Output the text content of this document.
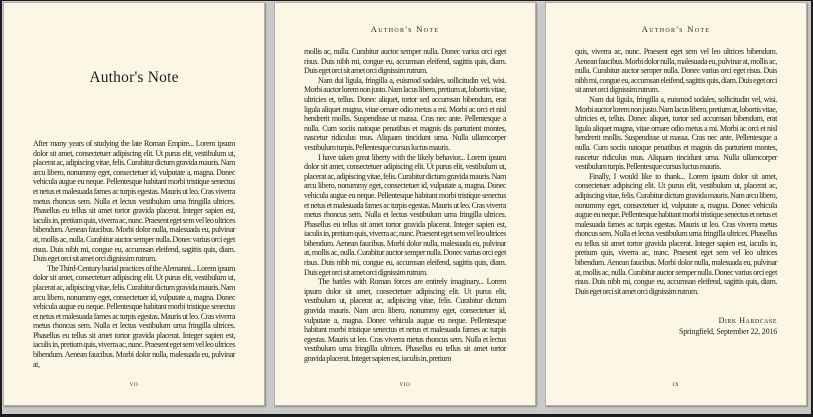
Author's Note

After many years of studying the late Roman Empire... Lorem ipsum dolor sit amet, consectetuer adipiscing elit. Ut purus elit, vestibulum ut, placerat ac, adipiscing vitae, felis. Curabitur dictum gravida mauris. Nam arcu libero, nonummy eget, consectetuer id, vulputate a, magna. Donec vehicula augue eu neque. Pellentesque habitant morbi tristique senectus et netus et malesuada fames ac turpis egestas. Mauris ut leo. Cras viverra metus rhoncus sem. Nulla et lectus vestibulum urna fringilla ultrices. Phasellus eu tellus sit amet tortor gravida placerat. Integer sapien est, iaculis in, pretium quis, viverra ac, nunc. Praesent eget sem vel leo ultrices bibendum. Aenean faucibus. Morbi dolor nulla, malesuada eu, pulvinar at, mollis ac, nulla. Curabitur auctor semper nulla. Donec varius orci eget risus. Duis nibh mi, congue eu, accumsan eleifend, sagittis quis, diam. Duis eget orci sit amet orci dignissim rutrum.

The Third-Century burial practices of the Alemanni... Lorem ipsum dolor sit amet, consectetuer adipiscing elit. Ut purus elit, vestibulum ut, placerat ac, adipiscing vitae, felis. Curabitur dictum gravida mauris. Nam arcu libero, nonummy eget, consectetuer id, vulputate a, magna. Donec vehicula augue eu neque. Pellentesque habitant morbi tristique senectus et netus et malesuada fames ac turpis egestas. Mauris ut leo. Cras viverra metus rhoncus sem. Nulla et lectus vestibulum urna fringilla ultrices. Phasellus eu tellus sit amet tortor gravida placerat. Integer sapien est, iaculis in, pretium quis, viverra ac, nunc. Praesent eget sem vel leo ultrices bibendum. Aenean faucibus. Morbi dolor nulla, malesuada eu, pulvinar at,

vii
Author's Note

mollis ac, nulla. Curabitur auctor semper nulla. Donec varius orci eget risus. Duis nibh mi, congue eu, accumsan eleifend, sagittis quis, diam. Duis eget orci sit amet orci dignissim rutrum.

Nam dui ligula, fringilla a, euismod sodales, sollicitudin vel, wisi. Morbi auctor lorem non justo. Nam lacus libero, pretium at, lobortis vitae, ultricies et, tellus. Donec aliquet, tortor sed accumsan bibendum, erat ligula aliquet magna, vitae ornare odio metus a mi. Morbi ac orci et nisl hendrerit mollis. Suspendisse ut massa. Cras nec ante. Pellentesque a nulla. Cum sociis natoque penatibus et magnis dis parturient montes, nascetur ridiculus mus. Aliquam tincidunt urna. Nulla ullamcorper vestibulum turpis. Pellentesque cursus luctus mauris.

I have taken great liberty with the likely behavior... Lorem ipsum dolor sit amet, consectetuer adipiscing elit. Ut purus elit, vestibulum ut, placerat ac, adipiscing vitae, felis. Curabitur dictum gravida mauris. Nam arcu libero, nonummy eget, consectetuer id, vulputate a, magna. Donec vehicula augue eu neque. Pellentesque habitant morbi tristique senectus et netus et malesuada fames ac turpis egestas. Mauris ut leo. Cras viverra metus rhoncus sem. Nulla et lectus vestibulum urna fringilla ultrices. Phasellus eu tellus sit amet tortor gravida placerat. Integer sapien est, iaculis in, pretium quis, viverra ac, nunc. Praesent eget sem vel leo ultrices bibendum. Aenean faucibus. Morbi dolor nulla, malesuada eu, pulvinar at, mollis ac, nulla. Curabitur auctor semper nulla. Donec varius orci eget risus. Duis nibh mi, congue eu, accumsan eleifend, sagittis quis, diam. Duis eget orci sit amet orci dignissim rutrum.

The battles with Roman forces are entirely imaginary... Lorem ipsum dolor sit amet, consectetuer adipiscing elit. Ut purus elit, vestibulum ut, placerat ac, adipiscing vitae, felis. Curabitur dictum gravida mauris. Nam arcu libero, nonummy eget, consectetuer id, vulputate a, magna. Donec vehicula augue eu neque. Pellentesque habitant morbi tristique senectus et netus et malesuada fames ac turpis egestas. Mauris ut leo. Cras viverra metus rhoncus sem. Nulla et lectus vestibulum urna fringilla ultrices. Phasellus eu tellus sit amet tortor gravida placerat. Integer sapien est, iaculis in, pretium

viii
Author's Note

quis, viverra ac, nunc. Praesent eget sem vel leo ultrices bibendum. Aenean faucibus. Morbi dolor nulla, malesuada eu, pulvinar at, mollis ac, nulla. Curabitur auctor semper nulla. Donec varius orci eget risus. Duis nibh mi, congue eu, accumsan eleifend, sagittis quis, diam. Duis eget orci sit amet orci dignissim rutrum.

Nam dui ligula, fringilla a, euismod sodales, sollicitudin vel, wisi. Morbi auctor lorem non justo. Nam lacus libero, pretium at, lobortis vitae, ultricies et, tellus. Donec aliquet, tortor sed accumsan bibendum, erat ligula aliquet magna, vitae ornare odio metus a mi. Morbi ac orci et nisl hendrerit mollis. Suspendisse ut massa. Cras nec ante. Pellentesque a nulla. Cum sociis natoque penatibus et magnis dis parturient montes, nascetur ridiculus mus. Aliquam tincidunt urna. Nulla ullamcorper vestibulum turpis. Pellentesque cursus luctus mauris.

Finally, I would like to thank... Lorem ipsum dolor sit amet, consectetuer adipiscing elit. Ut purus elit, vestibulum ut, placerat ac, adipiscing vitae, felis. Curabitur dictum gravida mauris. Nam arcu libero, nonummy eget, consectetuer id, vulputate a, magna. Donec vehicula augue eu neque. Pellentesque habitant morbi tristique senectus et netus et malesuada fames ac turpis egestas. Mauris ut leo. Cras viverra metus rhoncus sem. Nulla et lectus vestibulum urna fringilla ultrices. Phasellus eu tellus sit amet tortor gravida placerat. Integer sapien est, iaculis in, pretium quis, viverra ac, nunc. Praesent eget sem vel leo ultrices bibendum. Aenean faucibus. Morbi dolor nulla, malesuada eu, pulvinar at, mollis ac, nulla. Curabitur auctor semper nulla. Donec varius orci eget risus. Duis nibh mi, congue eu, accumsan eleifend, sagittis quis, diam. Duis eget orci sit amet orci dignissim rutrum.

Dirk Hardcase
Springfield, September 22, 2016
ix
